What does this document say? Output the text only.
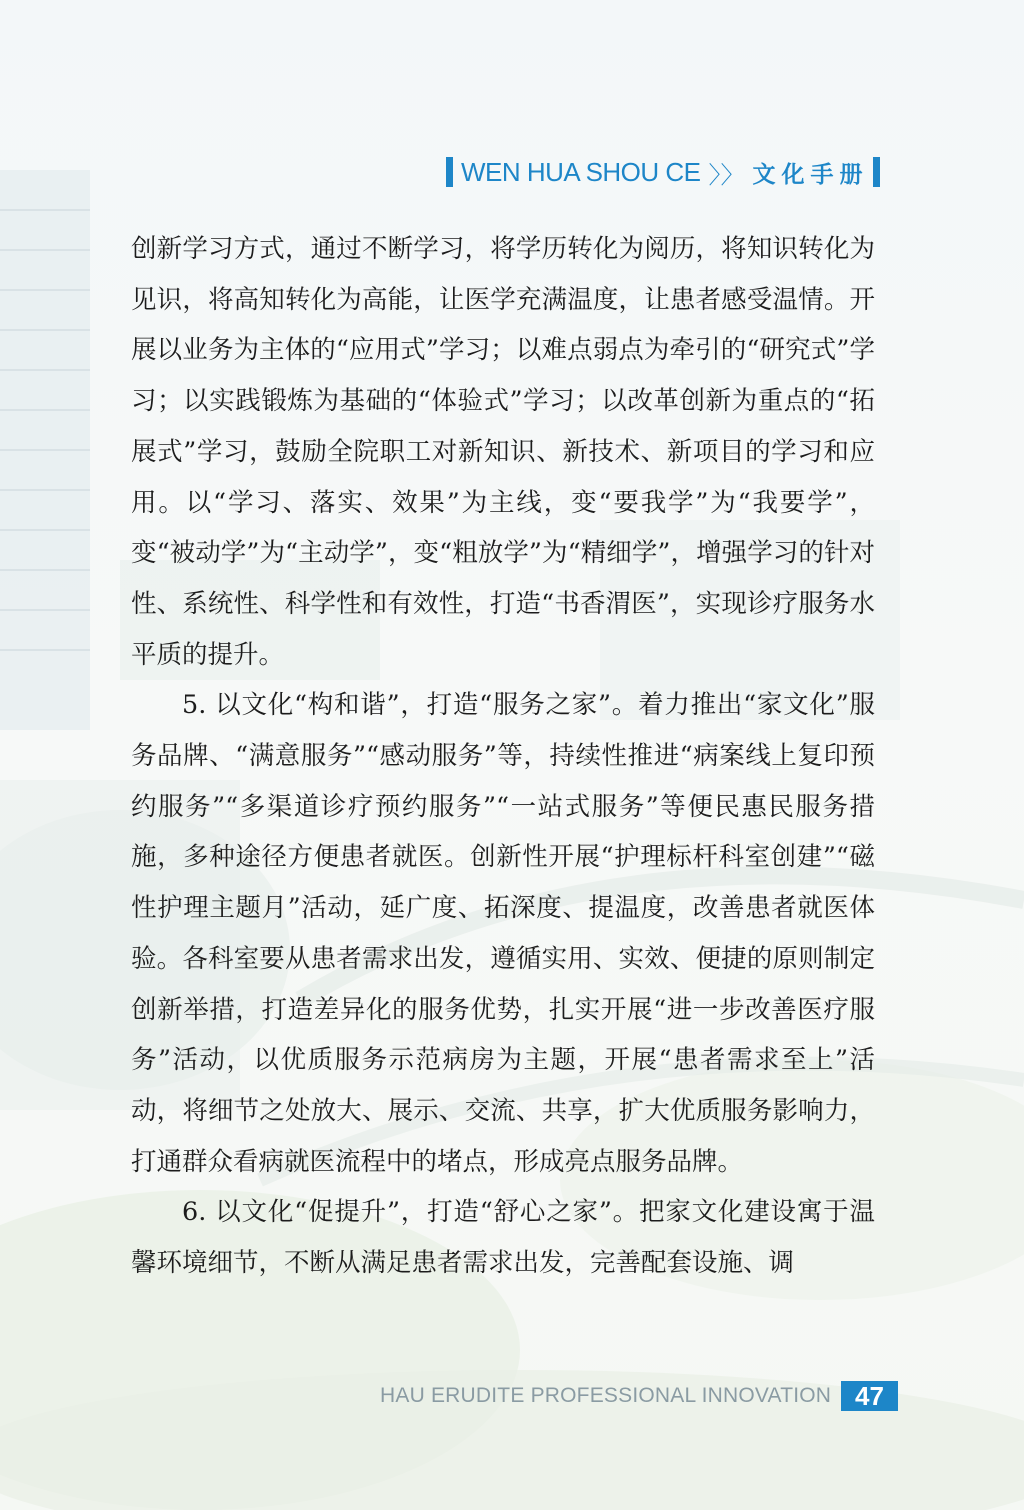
WEN HUA SHOU CE 〉〉 文化手册

创新学习方式，通过不断学习，将学历转化为阅历，将知识转化为见识，将高知转化为高能，让医学充满温度，让患者感受温情。开展以业务为主体的“应用式”学习；以难点弱点为牵引的“研究式”学习；以实践锻炼为基础的“体验式”学习；以改革创新为重点的“拓展式”学习，鼓励全院职工对新知识、新技术、新项目的学习和应用。以“学习、落实、效果”为主线，变“要我学”为“我要学”，变“被动学”为“主动学”，变“粗放学”为“精细学”，增强学习的针对性、系统性、科学性和有效性，打造“书香渭医”，实现诊疗服务水平质的提升。

5. 以文化“构和谐”，打造“服务之家”。着力推出“家文化”服务品牌、“满意服务”“感动服务”等，持续性推进“病案线上复印预约服务”“多渠道诊疗预约服务”“一站式服务”等便民惠民服务措施，多种途径方便患者就医。创新性开展“护理标杆科室创建”“磁性护理主题月”活动，延广度、拓深度、提温度，改善患者就医体验。各科室要从患者需求出发，遵循实用、实效、便捷的原则制定创新举措，打造差异化的服务优势，扎实开展“进一步改善医疗服务”活动，以优质服务示范病房为主题，开展“患者需求至上”活动，将细节之处放大、展示、交流、共享，扩大优质服务影响力，打通群众看病就医流程中的堵点，形成亮点服务品牌。

6. 以文化“促提升”，打造“舒心之家”。把家文化建设寓于温馨环境细节，不断从满足患者需求出发，完善配套设施、调

HAU ERUDITE PROFESSIONAL INNOVATION 47
